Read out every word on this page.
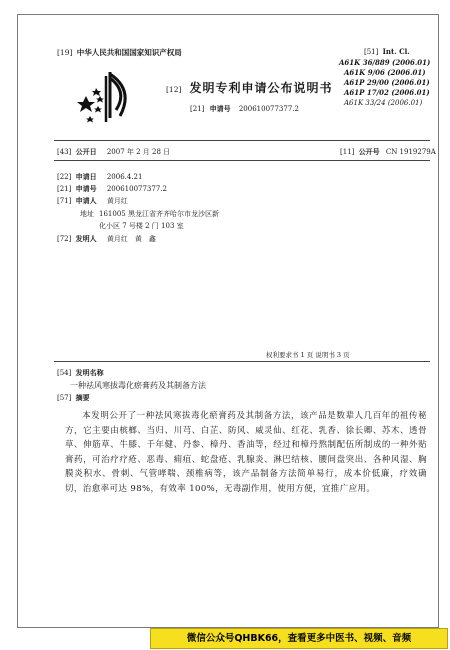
[19] 中华人民共和国国家知识产权局
[12] 发明专利申请公布说明书
[21] 申请号 200610077377.2
[51] Int. Cl.
A61K 36/889 (2006.01)
A61K 9/06 (2006.01)
A61P 29/00 (2006.01)
A61P 17/02 (2006.01)
A61K 33/24 (2006.01)
[43] 公开日 2007 年 2 月 28 日	[11] 公开号 CN 1919279A
[22] 申请日 2006.4.21
[21] 申请号 200610077377.2
[71] 申请人 黄月红
地址 161005 黑龙江省齐齐哈尔市龙沙区新
化小区 7 号楼 2 门 103 室
[72] 发明人 黄月红　黄　鑫
权利要求书 1 页 说明书 3 页
[54] 发明名称
一种祛风寒拔毒化瘀膏药及其制备方法
[57] 摘要
本发明公开了一种祛风寒拔毒化瘀膏药及其制备方法，该产品是数辈人几百年的祖传秘方，它主要由槟榔、当归、川芎、白芷、防风、威灵仙、红花、乳香、徐长卿、苏木、透骨草、伸筋草、牛膝、千年健、丹参、樟丹、香油等，经过和樟丹熬制配伍所制成的一种外贴膏药，可治疗疗疮、恶毒、痈疽、蛇盘疮、乳腺炎、淋巴结核、腰间盘突出、各种风湿、胸膜炎积水、骨刺、气管哮喘、颈椎病等，该产品制备方法简单易行，成本价低廉，疗效确切，治愈率可达 98%，有效率 100%，无毒副作用，使用方便，宜推广应用。
微信公众号QHBK66，查看更多中医书、视频、音频
